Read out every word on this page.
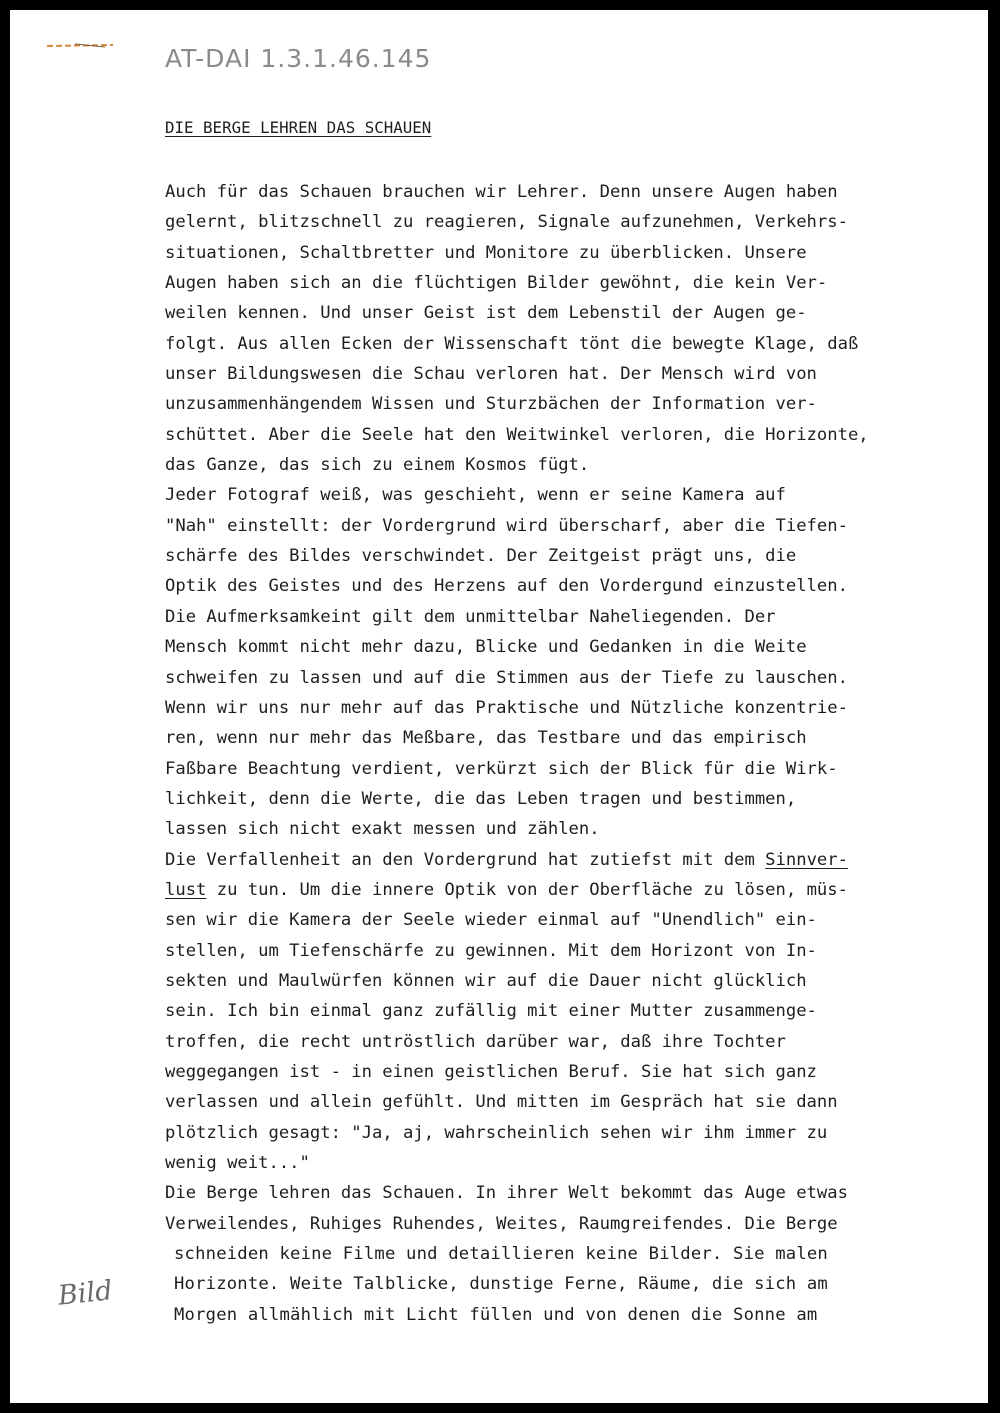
AT-DAI 1.3.1.46.145
DIE BERGE LEHREN DAS SCHAUEN
Auch für das Schauen brauchen wir Lehrer. Denn unsere Augen haben
gelernt, blitzschnell zu reagieren, Signale aufzunehmen, Verkehrs-
situationen, Schaltbretter und Monitore zu überblicken. Unsere
Augen haben sich an die flüchtigen Bilder gewöhnt, die kein Ver-
weilen kennen. Und unser Geist ist dem Lebenstil der Augen ge-
folgt. Aus allen Ecken der Wissenschaft tönt die bewegte Klage, daß
unser Bildungswesen die Schau verloren hat. Der Mensch wird von
unzusammenhängendem Wissen und Sturzbächen der Information ver-
schüttet. Aber die Seele hat den Weitwinkel verloren, die Horizonte,
das Ganze, das sich zu einem Kosmos fügt.
Jeder Fotograf weiß, was geschieht, wenn er seine Kamera auf
"Nah" einstellt: der Vordergrund wird überscharf, aber die Tiefen-
schärfe des Bildes verschwindet. Der Zeitgeist prägt uns, die
Optik des Geistes und des Herzens auf den Vordergund einzustellen.
Die Aufmerksamkeint gilt dem unmittelbar Naheliegenden. Der
Mensch kommt nicht mehr dazu, Blicke und Gedanken in die Weite
schweifen zu lassen und auf die Stimmen aus der Tiefe zu lauschen.
Wenn wir uns nur mehr auf das Praktische und Nützliche konzentrie-
ren, wenn nur mehr das Meßbare, das Testbare und das empirisch
Faßbare Beachtung verdient, verkürzt sich der Blick für die Wirk-
lichkeit, denn die Werte, die das Leben tragen und bestimmen,
lassen sich nicht exakt messen und zählen.
Die Verfallenheit an den Vordergrund hat zutiefst mit dem Sinnver-
lust zu tun. Um die innere Optik von der Oberfläche zu lösen, müs-
sen wir die Kamera der Seele wieder einmal auf "Unendlich" ein-
stellen, um Tiefenschärfe zu gewinnen. Mit dem Horizont von In-
sekten und Maulwürfen können wir auf die Dauer nicht glücklich
sein. Ich bin einmal ganz zufällig mit einer Mutter zusammenge-
troffen, die recht untröstlich darüber war, daß ihre Tochter
weggegangen ist - in einen geistlichen Beruf. Sie hat sich ganz
verlassen und allein gefühlt. Und mitten im Gespräch hat sie dann
plötzlich gesagt: "Ja, aj, wahrscheinlich sehen wir ihm immer zu
wenig weit..."
Die Berge lehren das Schauen. In ihrer Welt bekommt das Auge etwas
Verweilendes, Ruhiges Ruhendes, Weites, Raumgreifendes. Die Berge
schneiden keine Filme und detaillieren keine Bilder. Sie malen
Horizonte. Weite Talblicke, dunstige Ferne, Räume, die sich am
Morgen allmählich mit Licht füllen und von denen die Sonne am
Bild
